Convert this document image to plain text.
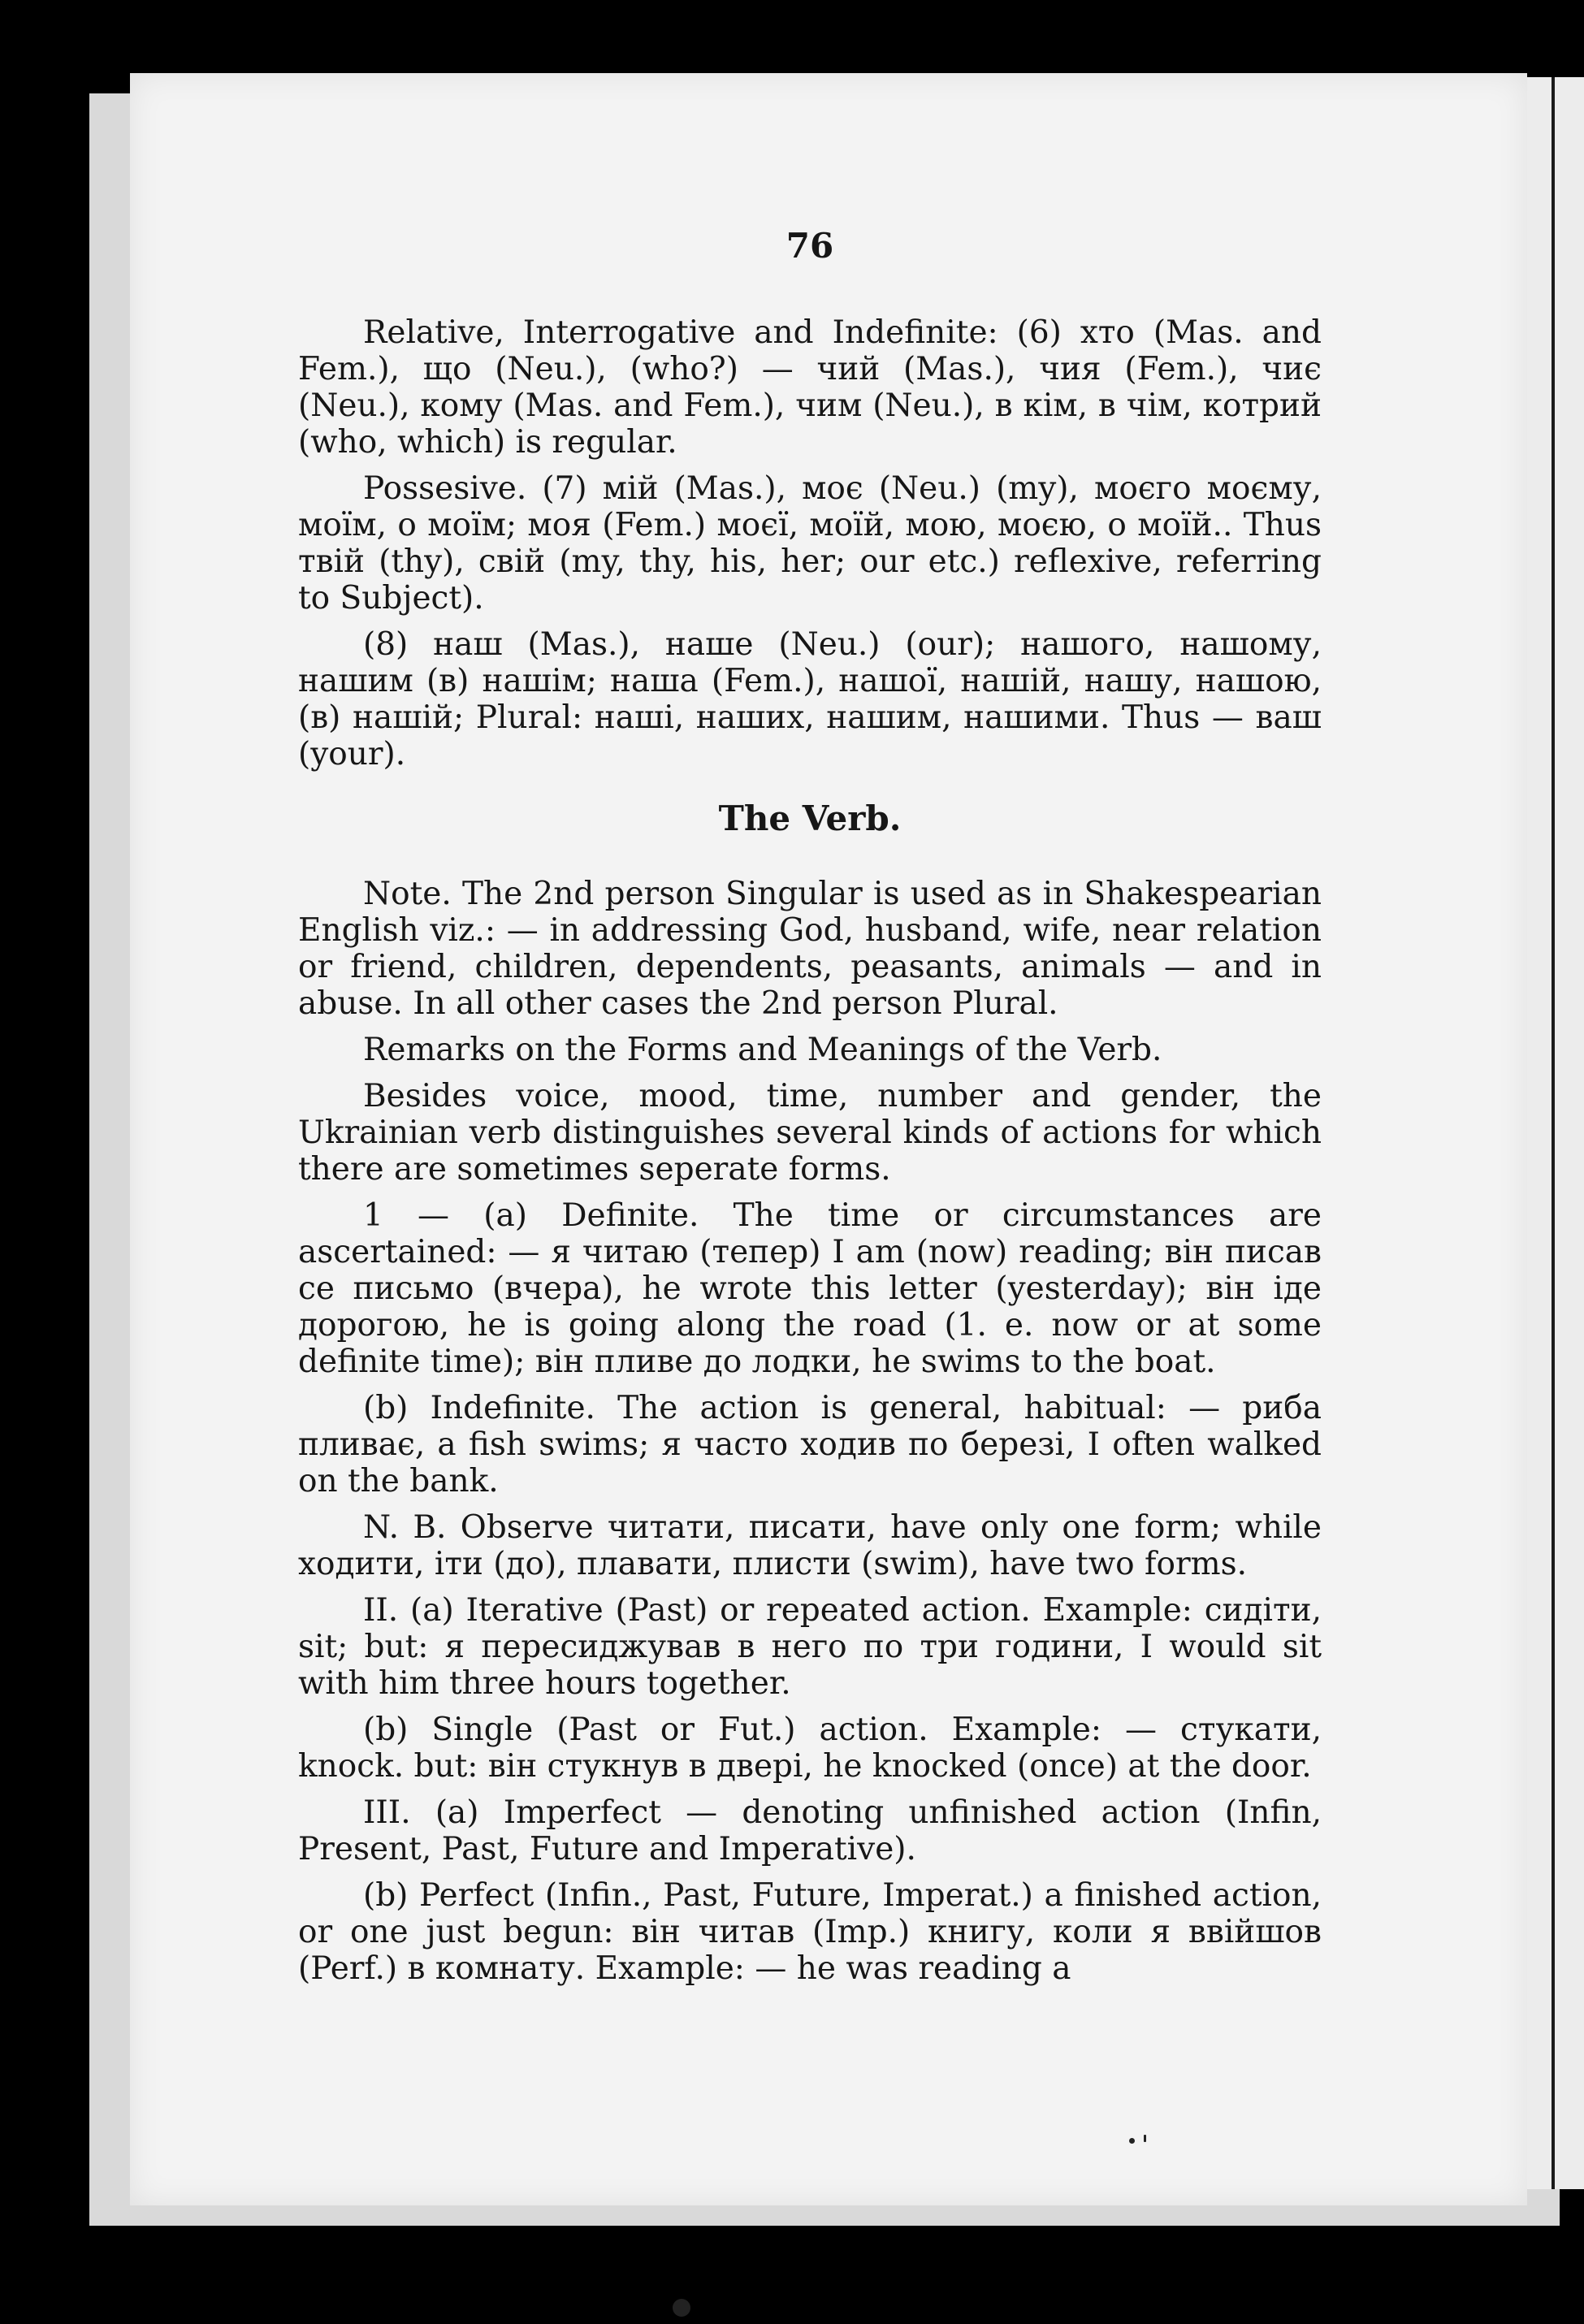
76

Relative, Interrogative and Indefinite: (6) хто (Mas. and Fem.), що (Neu.), (who?) — чий (Mas.), чия (Fem.), чиє (Neu.), кому (Mas. and Fem.), чим (Neu.), в кім, в чім, котрий (who, which) is regular.

Possesive. (7) мій (Mas.), моє (Neu.) (my), моєго моєму, моїм, о моїм; моя (Fem.) моєї, моїй, мою, моєю, о моїй.. Thus твій (thy), свій (my, thy, his, her; our etc.) reflexive, referring to Subject).

(8) наш (Mas.), наше (Neu.) (our); нашого, нашому, нашим (в) нашім; наша (Fem.), нашої, нашій, нашу, нашою, (в) нашій; Plural: наші, наших, нашим, нашими. Thus — ваш (your).

The Verb.

Note. The 2nd person Singular is used as in Shakespearian English viz.: — in addressing God, husband, wife, near relation or friend, children, dependents, peasants, animals — and in abuse. In all other cases the 2nd person Plural.

Remarks on the Forms and Meanings of the Verb.

Besides voice, mood, time, number and gender, the Ukrainian verb distinguishes several kinds of actions for which there are sometimes seperate forms.

1 — (a) Definite. The time or circumstances are ascertained: — я читаю (тепер) I am (now) reading; він писав се письмо (вчера), he wrote this letter (yesterday); він іде дорогою, he is going along the road (1. e. now or at some definite time); він пливе до лодки, he swims to the boat.

(b) Indefinite. The action is general, habitual: — риба пливає, a fish swims; я часто ходив по березі, I often walked on the bank.

N. B. Observe читати, писати, have only one form; while ходити, іти (до), плавати, плисти (swim), have two forms.

II. (a) Iterative (Past) or repeated action. Example: сидіти, sit; but: я пересиджував в него по три години, I would sit with him three hours together.

(b) Single (Past or Fut.) action. Example: — стукати, knock. but: він стукнув в двері, he knocked (once) at the door.

III. (a) Imperfect — denoting unfinished action (Infin, Present, Past, Future and Imperative).

(b) Perfect (Infin., Past, Future, Imperat.) a finished action, or one just begun: він читав (Imp.) книгу, коли я ввійшов (Perf.) в комнату. Example: — he was reading a
